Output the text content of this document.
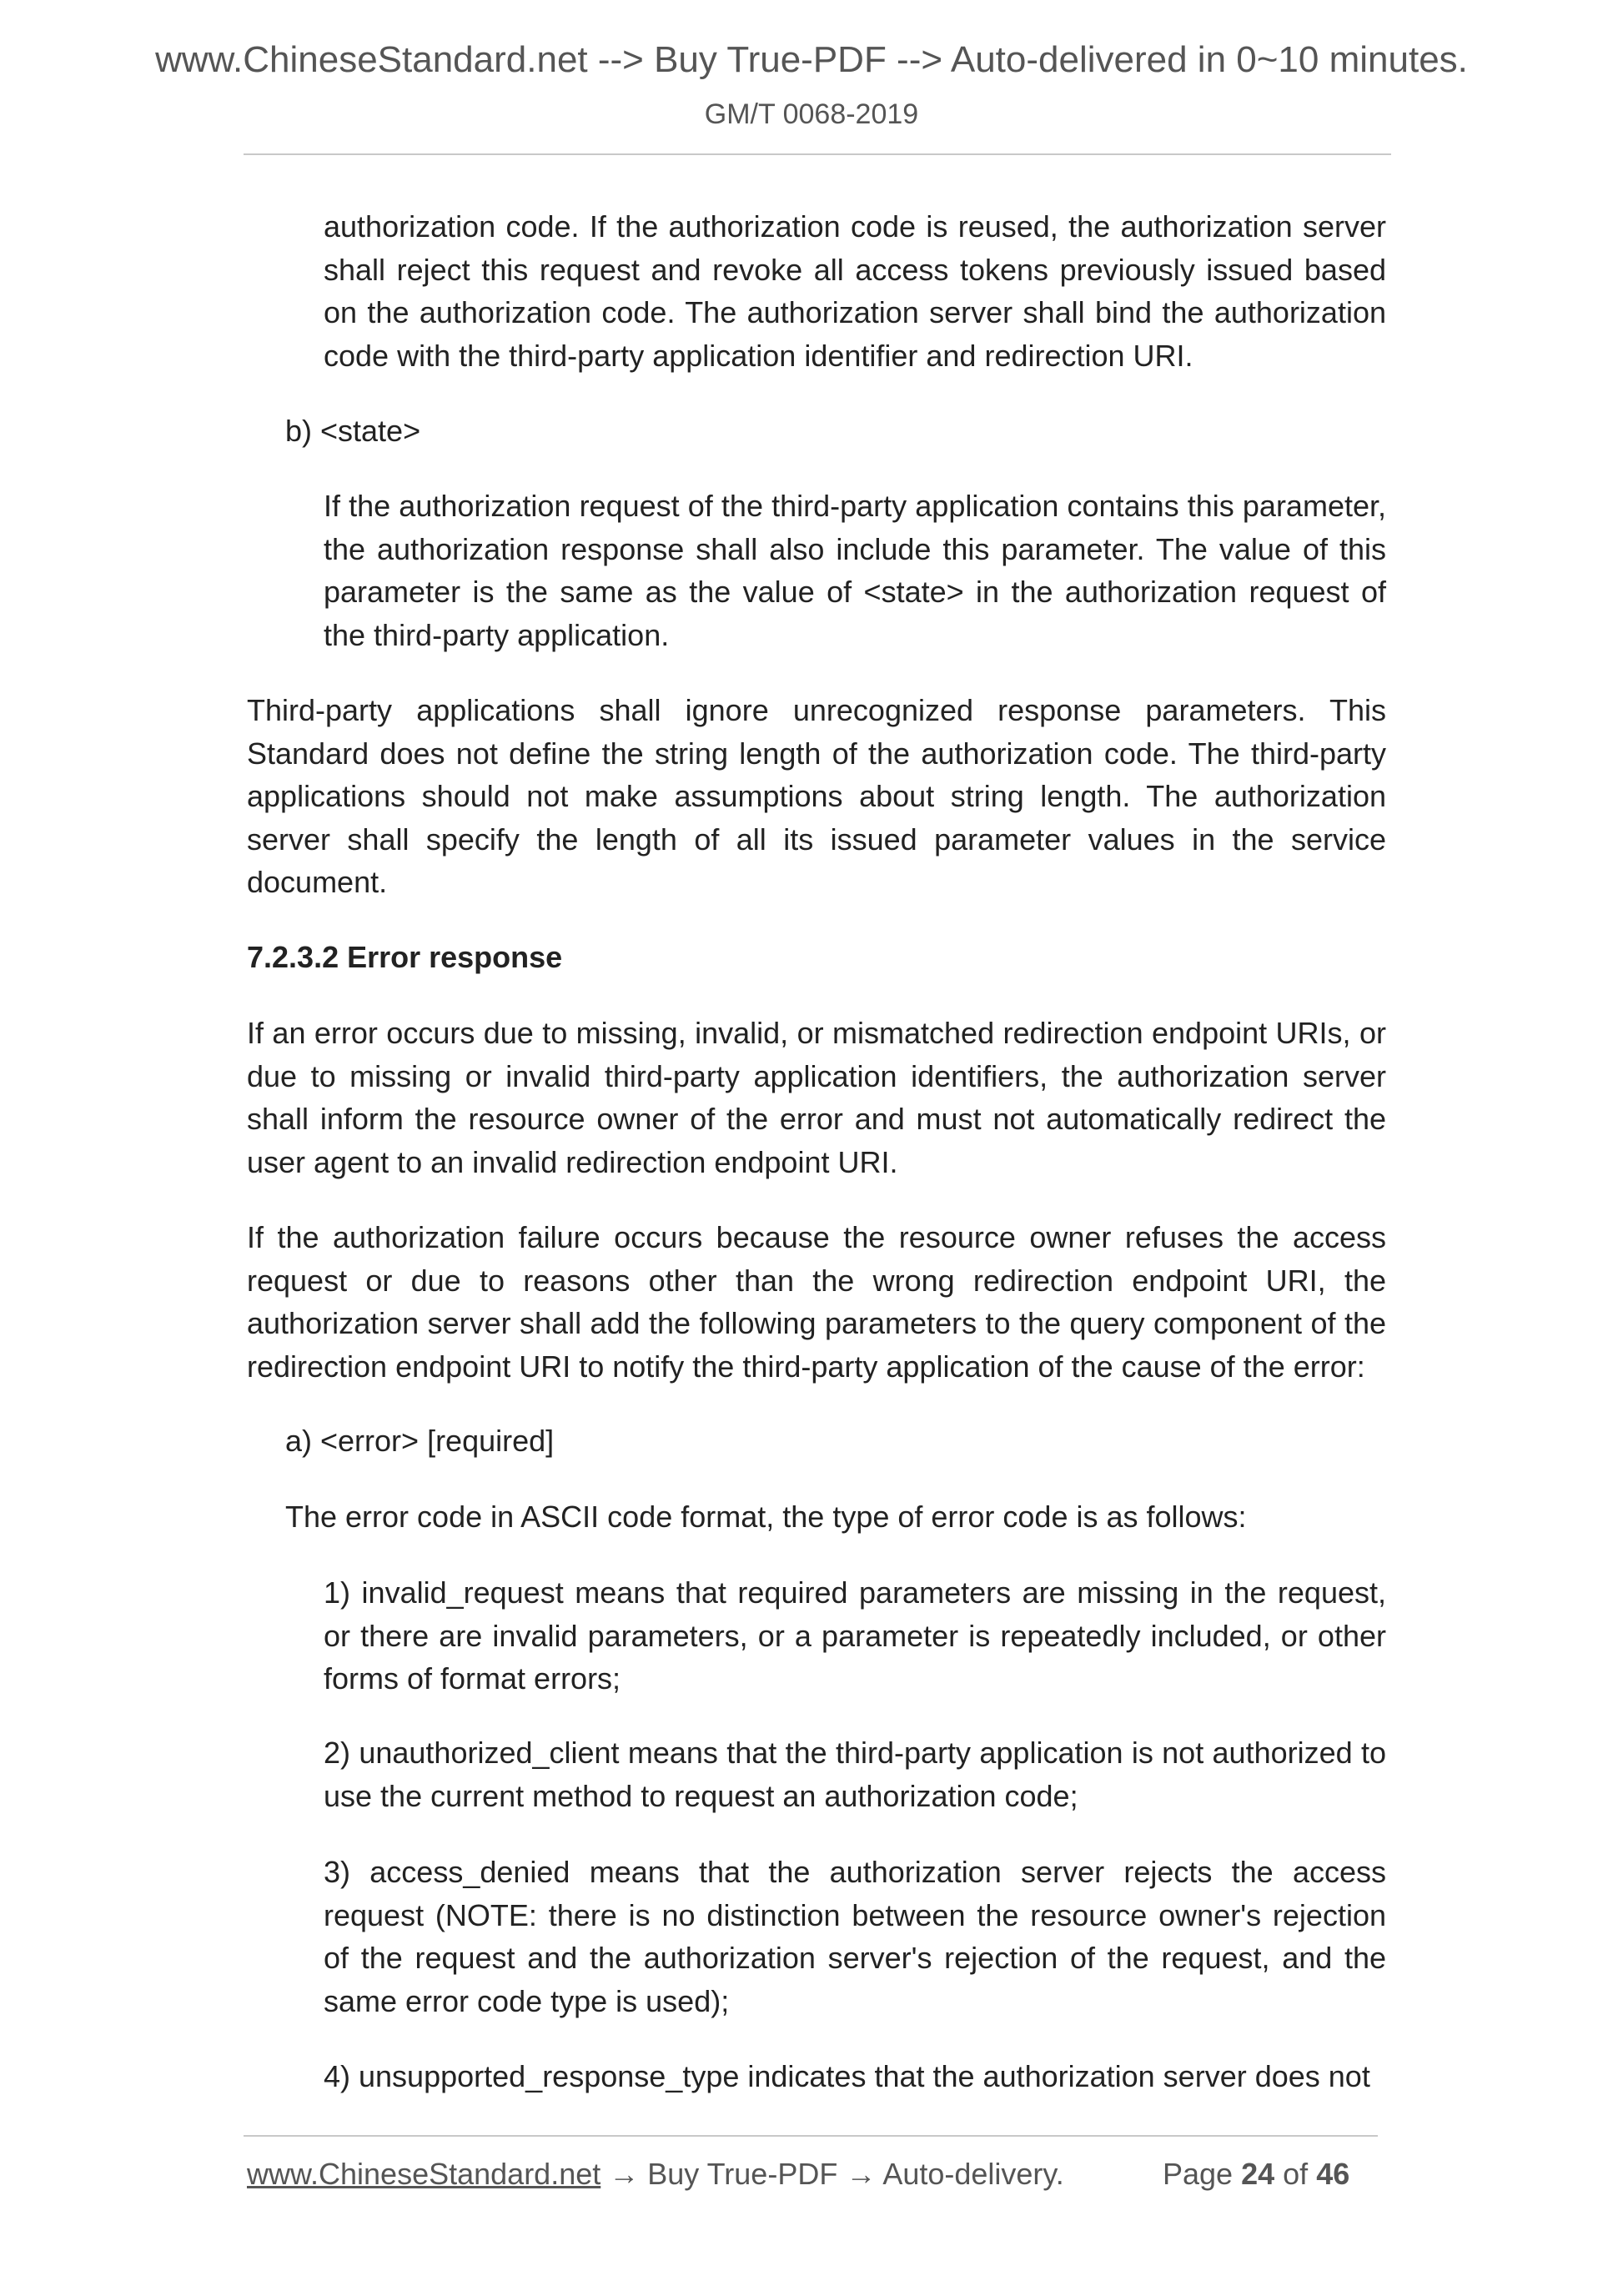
www.ChineseStandard.net --> Buy True-PDF --> Auto-delivered in 0~10 minutes.
GM/T 0068-2019

authorization code. If the authorization code is reused, the authorization server shall reject this request and revoke all access tokens previously issued based on the authorization code. The authorization server shall bind the authorization code with the third-party application identifier and redirection URI.

b) <state>

If the authorization request of the third-party application contains this parameter, the authorization response shall also include this parameter. The value of this parameter is the same as the value of <state> in the authorization request of the third-party application.

Third-party applications shall ignore unrecognized response parameters. This Standard does not define the string length of the authorization code. The third-party applications should not make assumptions about string length. The authorization server shall specify the length of all its issued parameter values in the service document.

7.2.3.2 Error response

If an error occurs due to missing, invalid, or mismatched redirection endpoint URIs, or due to missing or invalid third-party application identifiers, the authorization server shall inform the resource owner of the error and must not automatically redirect the user agent to an invalid redirection endpoint URI.

If the authorization failure occurs because the resource owner refuses the access request or due to reasons other than the wrong redirection endpoint URI, the authorization server shall add the following parameters to the query component of the redirection endpoint URI to notify the third-party application of the cause of the error:

a) <error> [required]
The error code in ASCII code format, the type of error code is as follows:

1) invalid_request means that required parameters are missing in the request, or there are invalid parameters, or a parameter is repeatedly included, or other forms of format errors;

2) unauthorized_client means that the third-party application is not authorized to use the current method to request an authorization code;

3) access_denied means that the authorization server rejects the access request (NOTE: there is no distinction between the resource owner's rejection of the request and the authorization server's rejection of the request, and the same error code type is used);

4) unsupported_response_type indicates that the authorization server does not

www.ChineseStandard.net → Buy True-PDF → Auto-delivery.	Page 24 of 46
